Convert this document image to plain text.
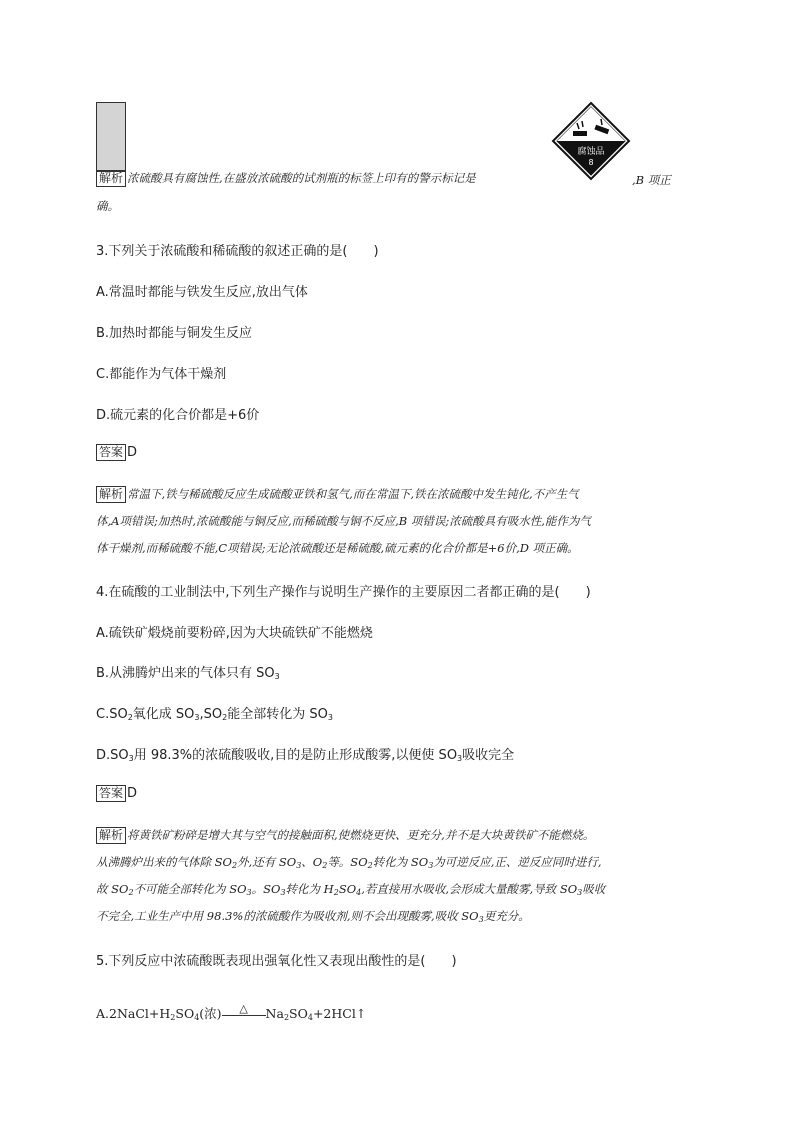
解析 浓硫酸具有腐蚀性,在盛放浓硫酸的试剂瓶的标签上印有的警示标记是
腐蚀品
8
,B 项正
确。
3.下列关于浓硫酸和稀硫酸的叙述正确的是(　　)
A.常温时都能与铁发生反应,放出气体
B.加热时都能与铜发生反应
C.都能作为气体干燥剂
D.硫元素的化合价都是+6价
答案 D
解析 常温下,铁与稀硫酸反应生成硫酸亚铁和氢气,而在常温下,铁在浓硫酸中发生钝化,不产生气
体,A项错误;加热时,浓硫酸能与铜反应,而稀硫酸与铜不反应,B 项错误;浓硫酸具有吸水性,能作为气
体干燥剂,而稀硫酸不能,C项错误;无论浓硫酸还是稀硫酸,硫元素的化合价都是+6价,D 项正确。
4.在硫酸的工业制法中,下列生产操作与说明生产操作的主要原因二者都正确的是(　　)
A.硫铁矿煅烧前要粉碎,因为大块硫铁矿不能燃烧
B.从沸腾炉出来的气体只有 $SO_3$
$C.SO_2$氧化成 $SO_3,SO_2$能全部转化为 $SO_3$
$D.SO_3$用 98.3%的浓硫酸吸收,目的是防止形成酸雾,以便使 $SO_3$吸收完全
答案 D
解析 将黄铁矿粉碎是增大其与空气的接触面积,使燃烧更快、更充分,并不是大块黄铁矿不能燃烧。
从沸腾炉出来的气体除 $SO_2$外,还有 $SO_3$、$O_2$等。$SO_2$转化为 $SO_3$为可逆反应,正、逆反应同时进行,
故 $SO_2$不可能全部转化为 $SO_3$。$SO_3$转化为 $H_2SO_4$,若直接用水吸收,会形成大量酸雾,导致 $SO_3$吸收
不完全,工业生产中用 98.3%的浓硫酸作为吸收剂,则不会出现酸雾,吸收 $SO_3$更充分。
5.下列反应中浓硫酸既表现出强氧化性又表现出酸性的是(　　)
$A.2NaCl+H_2SO_4$(浓)	△	$Na_2SO_4+2HCl↑$
